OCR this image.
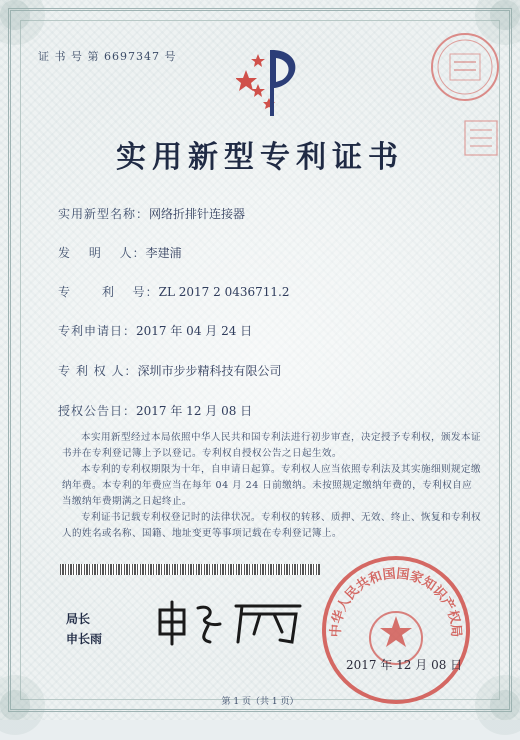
证 书 号 第 6697347 号
实用新型专利证书
实用新型名称：网络折排针连接器
发　 明　 人：李建浦
专　　 利　 号：ZL 2017 2 0436711.2
专利申请日：2017 年 04 月 24 日
专 利 权 人：深圳市步步精科技有限公司
授权公告日：2017 年 12 月 08 日
本实用新型经过本局依照中华人民共和国专利法进行初步审查，决定授予专利权，颁发本证书并在专利登记簿上予以登记。专利权自授权公告之日起生效。
本专利的专利权期限为十年，自申请日起算。专利权人应当依照专利法及其实施细则规定缴纳年费。本专利的年费应当在每年 04 月 24 日前缴纳。未按照规定缴纳年费的，专利权自应当缴纳年费期满之日起终止。
专利证书记载专利权登记时的法律状况。专利权的转移、质押、无效、终止、恢复和专利权人的姓名或名称、国籍、地址变更等事项记载在专利登记簿上。
局长
申长雨
中华人民共和国国家知识产权局
2017 年 12 月 08 日
第 1 页（共 1 页）
